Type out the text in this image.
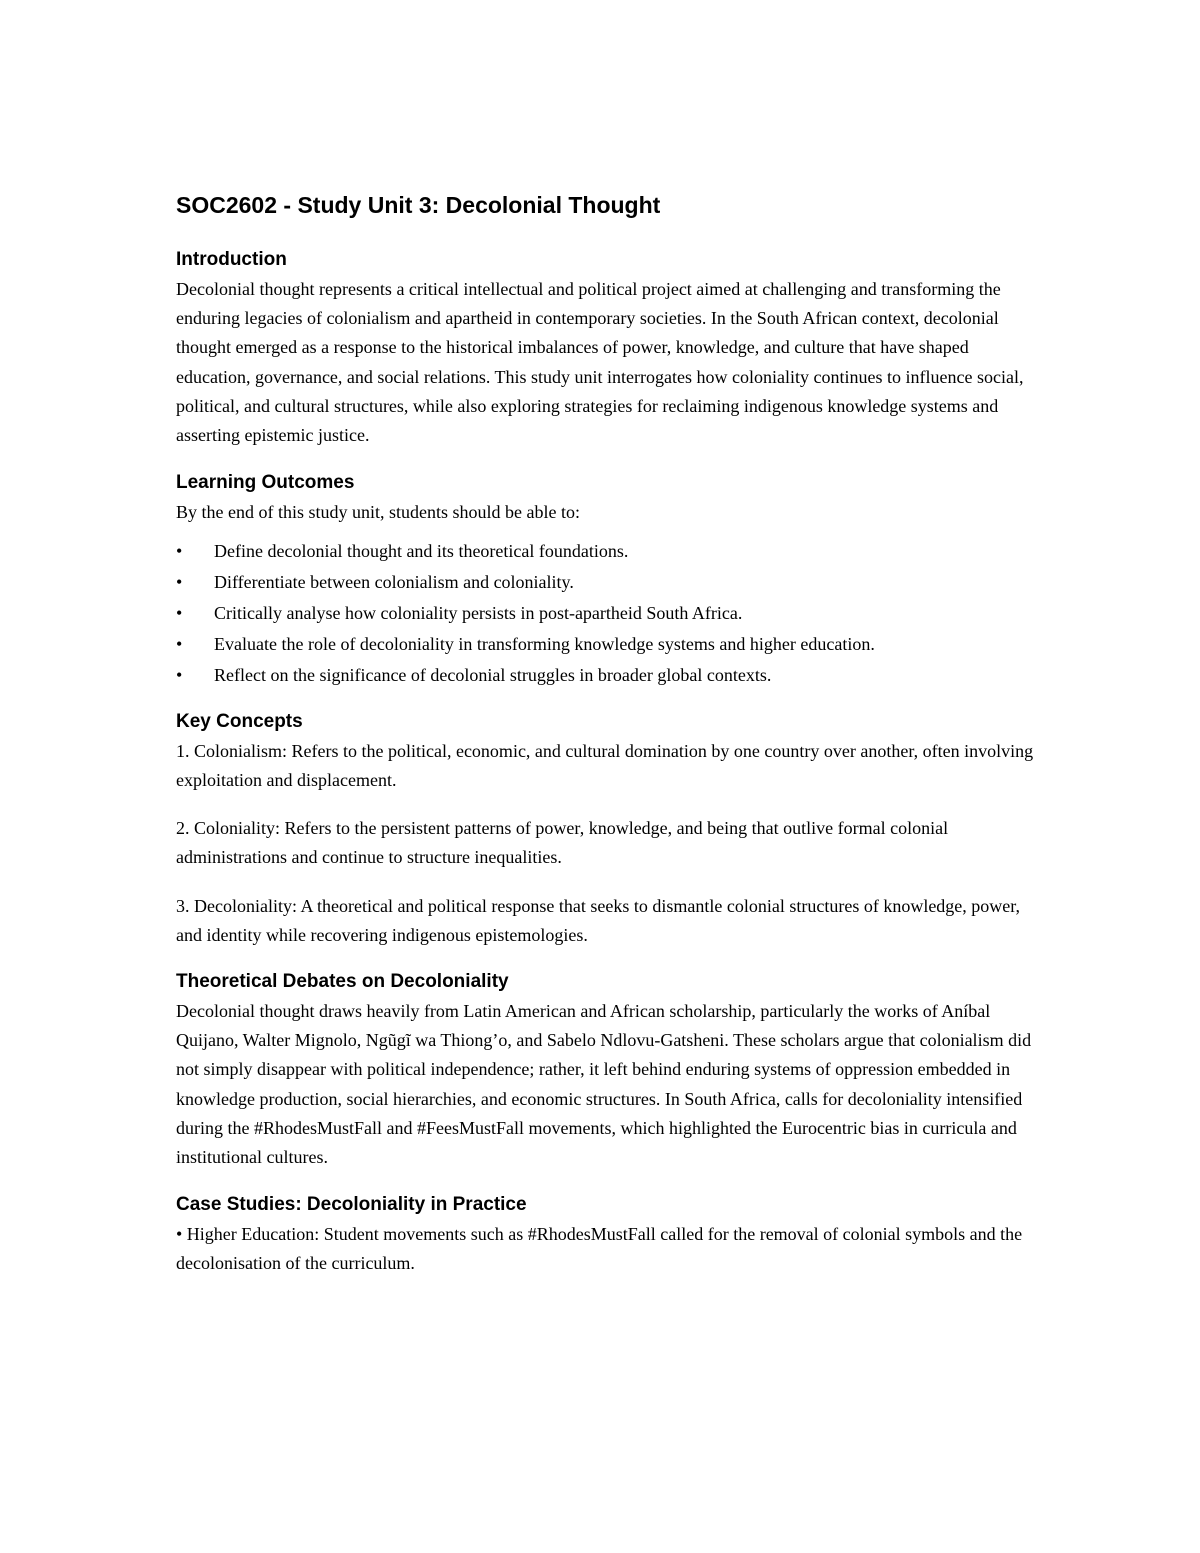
SOC2602 - Study Unit 3: Decolonial Thought
Introduction

Decolonial thought represents a critical intellectual and political project aimed at challenging and transforming the enduring legacies of colonialism and apartheid in contemporary societies. In the South African context, decolonial thought emerged as a response to the historical imbalances of power, knowledge, and culture that have shaped education, governance, and social relations. This study unit interrogates how coloniality continues to influence social, political, and cultural structures, while also exploring strategies for reclaiming indigenous knowledge systems and asserting epistemic justice.

Learning Outcomes

By the end of this study unit, students should be able to:

•	Define decolonial thought and its theoretical foundations.
•	Differentiate between colonialism and coloniality.
•	Critically analyse how coloniality persists in post-apartheid South Africa.
•	Evaluate the role of decoloniality in transforming knowledge systems and higher education.
•	Reflect on the significance of decolonial struggles in broader global contexts.
Key Concepts

1. Colonialism: Refers to the political, economic, and cultural domination by one country over another, often involving exploitation and displacement.

2. Coloniality: Refers to the persistent patterns of power, knowledge, and being that outlive formal colonial administrations and continue to structure inequalities.

3. Decoloniality: A theoretical and political response that seeks to dismantle colonial structures of knowledge, power, and identity while recovering indigenous epistemologies.

Theoretical Debates on Decoloniality

Decolonial thought draws heavily from Latin American and African scholarship, particularly the works of Aníbal Quijano, Walter Mignolo, Ngũgĩ wa Thiong’o, and Sabelo Ndlovu-Gatsheni. These scholars argue that colonialism did not simply disappear with political independence; rather, it left behind enduring systems of oppression embedded in knowledge production, social hierarchies, and economic structures. In South Africa, calls for decoloniality intensified during the #RhodesMustFall and #FeesMustFall movements, which highlighted the Eurocentric bias in curricula and institutional cultures.

Case Studies: Decoloniality in Practice

• Higher Education: Student movements such as #RhodesMustFall called for the removal of colonial symbols and the decolonisation of the curriculum.
